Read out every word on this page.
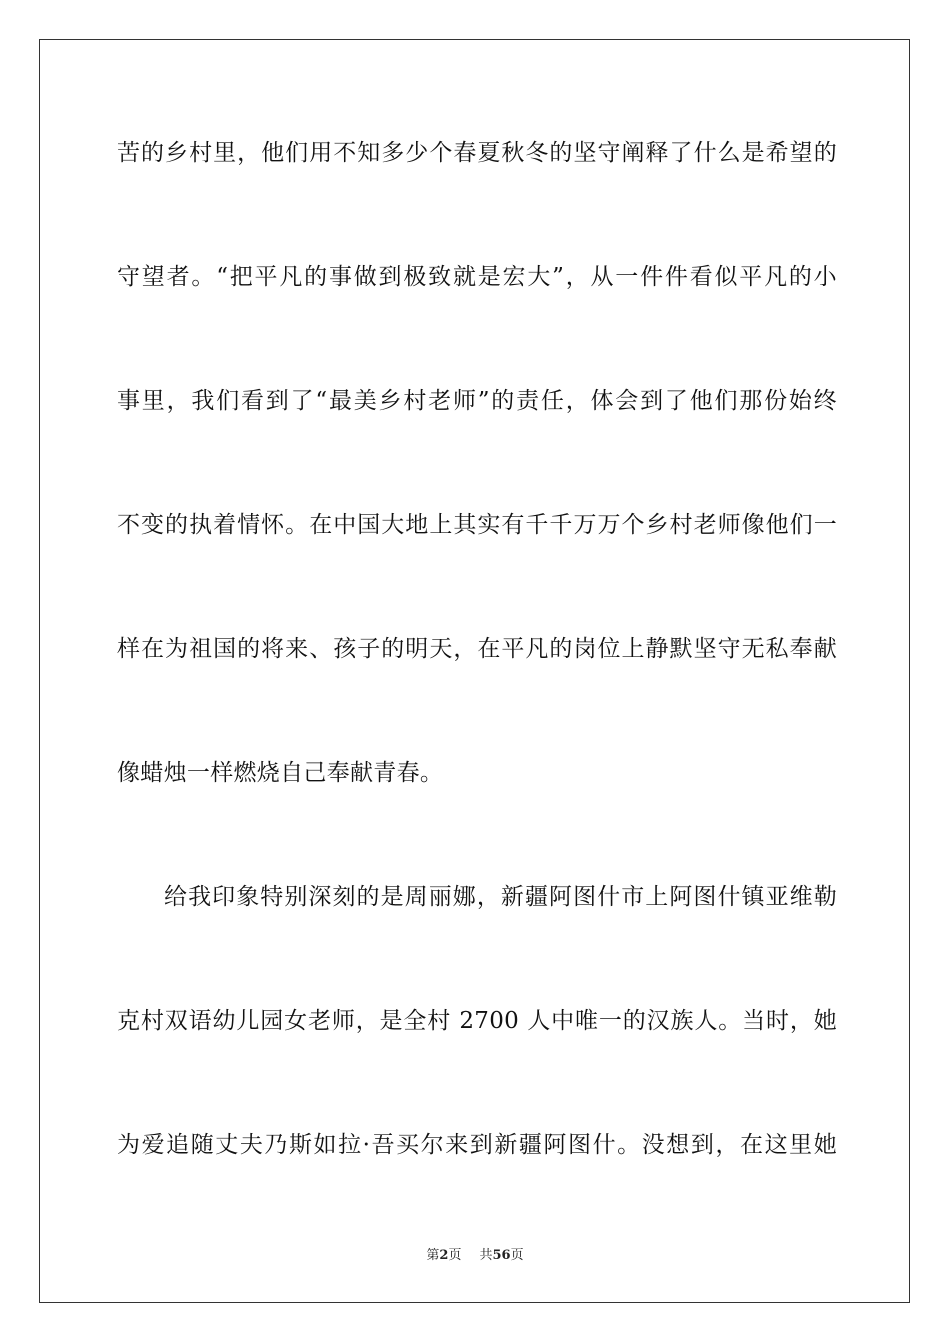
苦的乡村里，他们用不知多少个春夏秋冬的坚守阐释了什么是希望的
守望者。“把平凡的事做到极致就是宏大”，从一件件看似平凡的小
事里，我们看到了“最美乡村老师”的责任，体会到了他们那份始终
不变的执着情怀。在中国大地上其实有千千万万个乡村老师像他们一
样在为祖国的将来、孩子的明天，在平凡的岗位上静默坚守无私奉献
像蜡烛一样燃烧自己奉献青春。
给我印象特别深刻的是周丽娜，新疆阿图什市上阿图什镇亚维勒
克村双语幼儿园女老师，是全村 2700 人中唯一的汉族人。当时，她
为爱追随丈夫乃斯如拉·吾买尔来到新疆阿图什。没想到，在这里她
第2页 共56页
